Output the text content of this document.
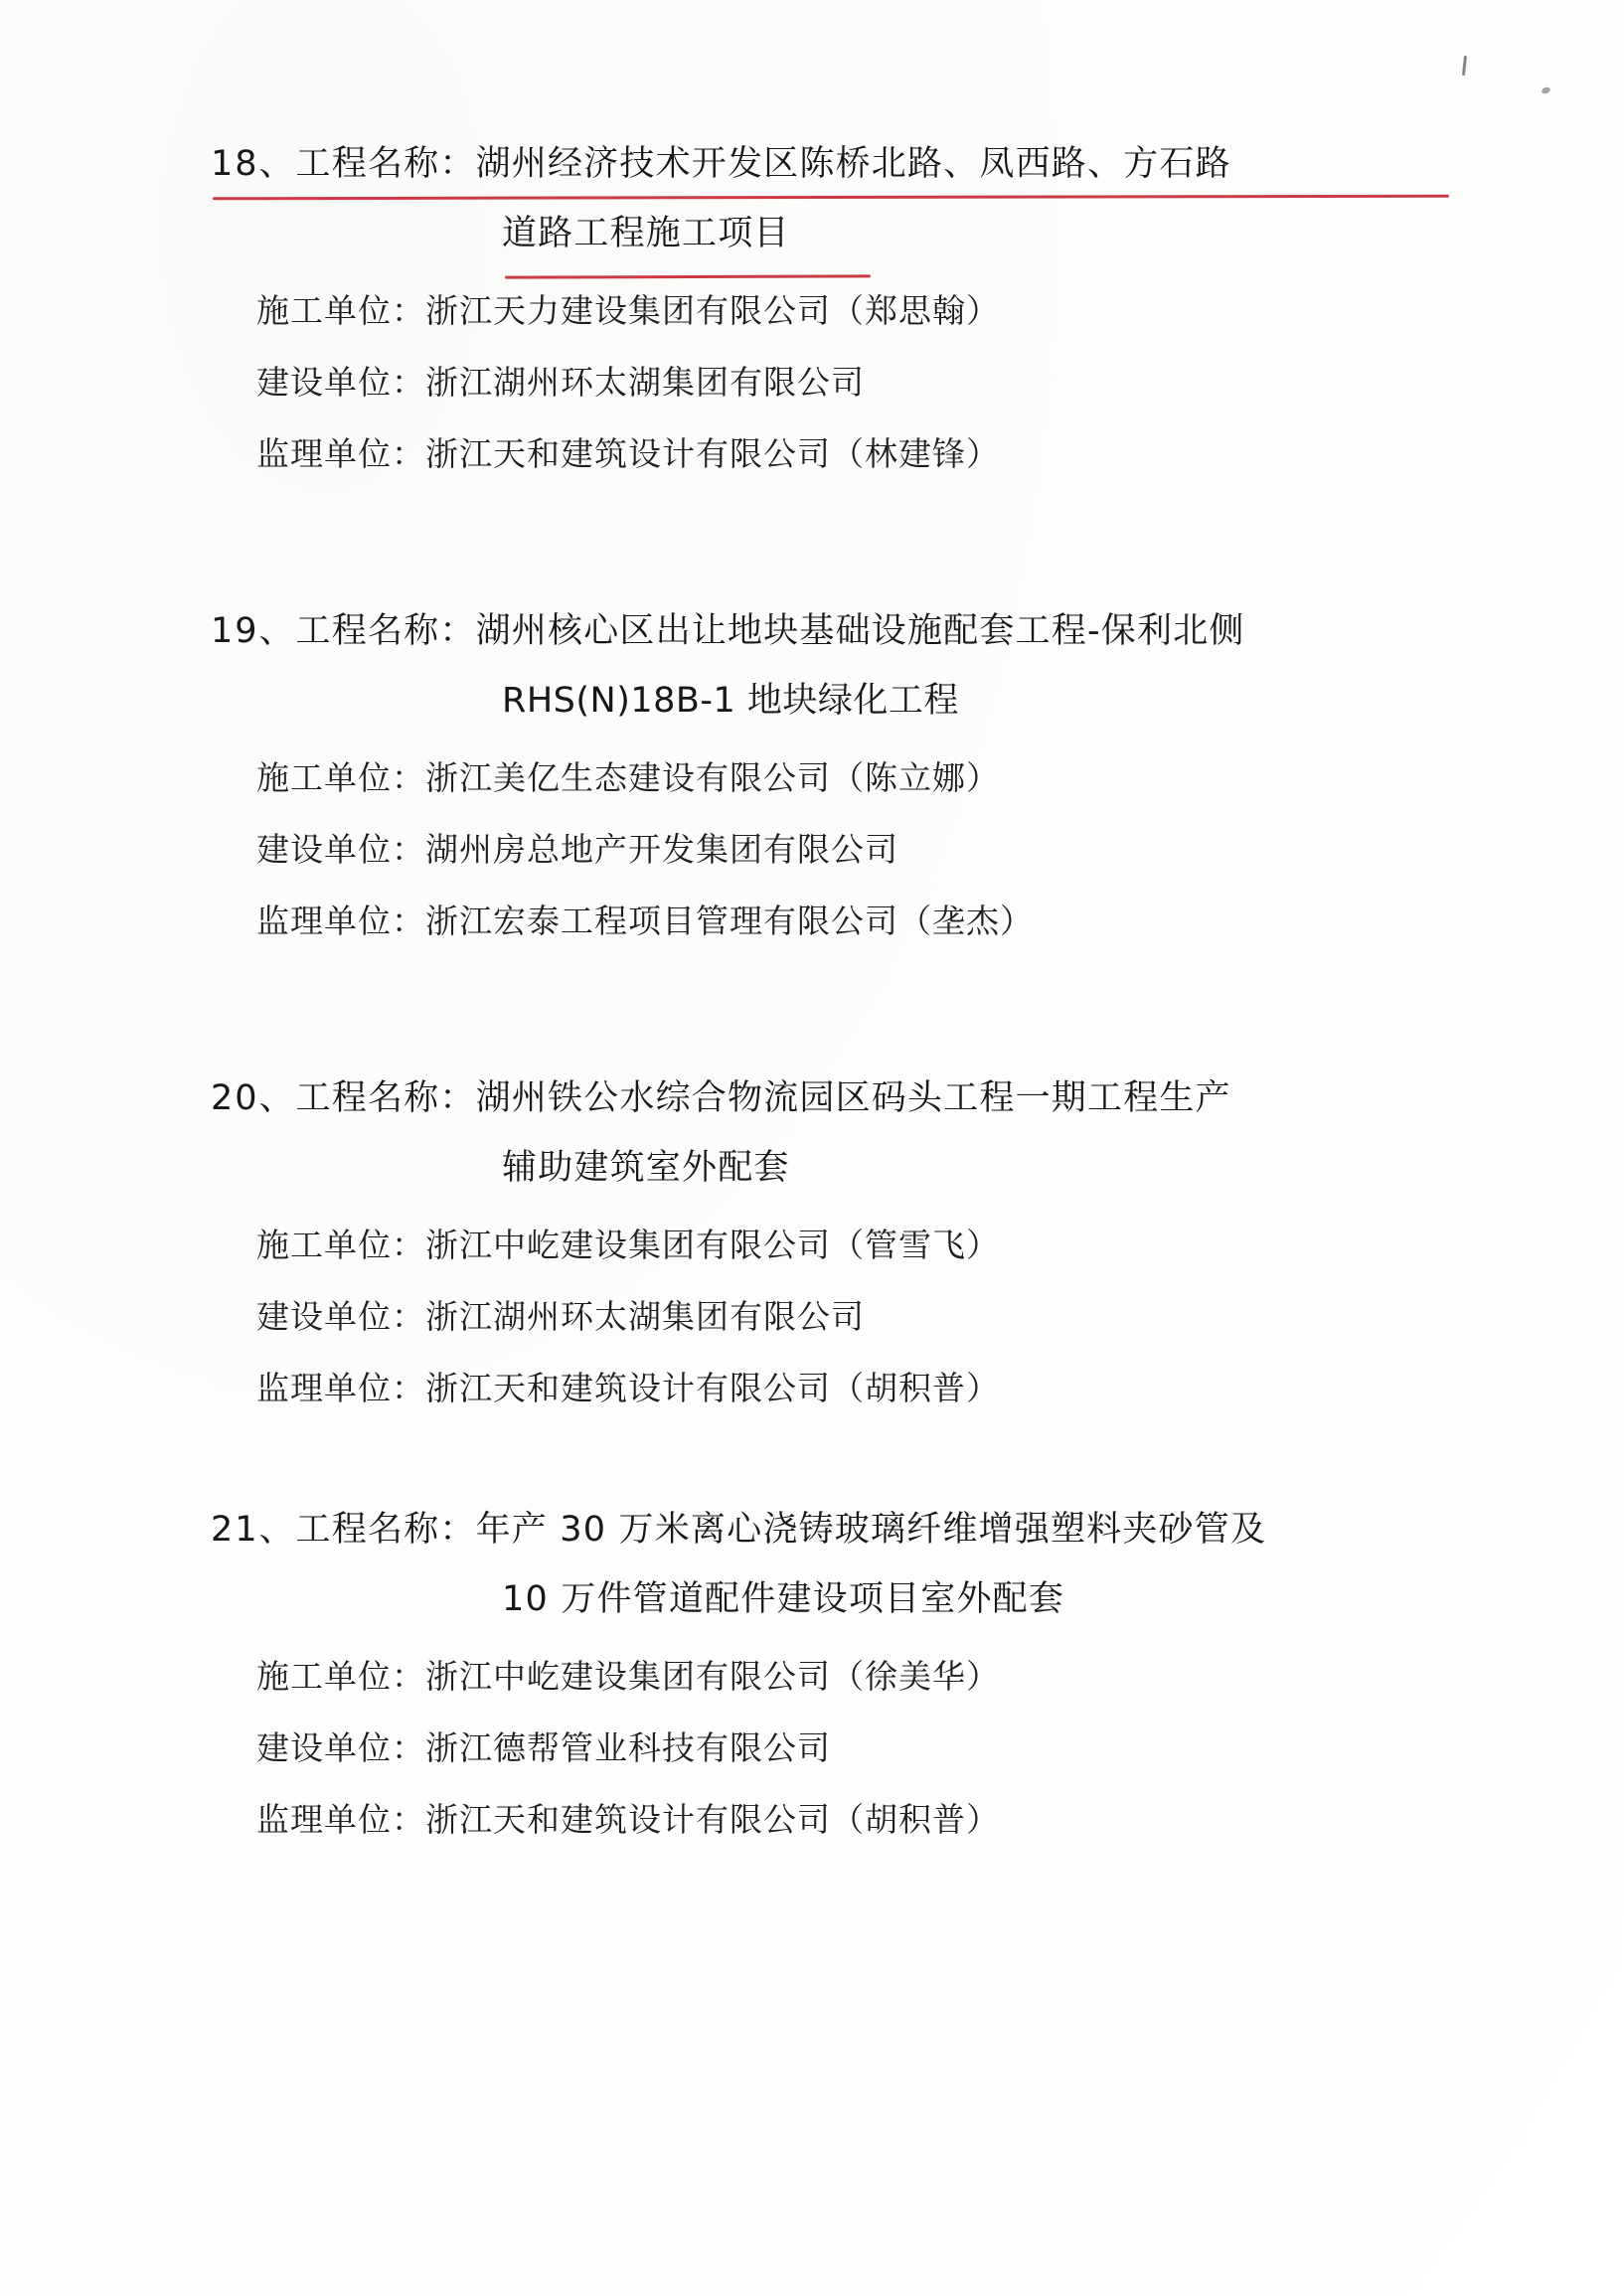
18、工程名称：湖州经济技术开发区陈桥北路、凤西路、方石路
道路工程施工项目
施工单位：浙江天力建设集团有限公司（郑思翰）
建设单位：浙江湖州环太湖集团有限公司
监理单位：浙江天和建筑设计有限公司（林建锋）
19、工程名称：湖州核心区出让地块基础设施配套工程-保利北侧
RHS(N)18B-1 地块绿化工程
施工单位：浙江美亿生态建设有限公司（陈立娜）
建设单位：湖州房总地产开发集团有限公司
监理单位：浙江宏泰工程项目管理有限公司（垄杰）
20、工程名称：湖州铁公水综合物流园区码头工程一期工程生产
辅助建筑室外配套
施工单位：浙江中屹建设集团有限公司（管雪飞）
建设单位：浙江湖州环太湖集团有限公司
监理单位：浙江天和建筑设计有限公司（胡积普）
21、工程名称：年产 30 万米离心浇铸玻璃纤维增强塑料夹砂管及
10 万件管道配件建设项目室外配套
施工单位：浙江中屹建设集团有限公司（徐美华）
建设单位：浙江德帮管业科技有限公司
监理单位：浙江天和建筑设计有限公司（胡积普）
